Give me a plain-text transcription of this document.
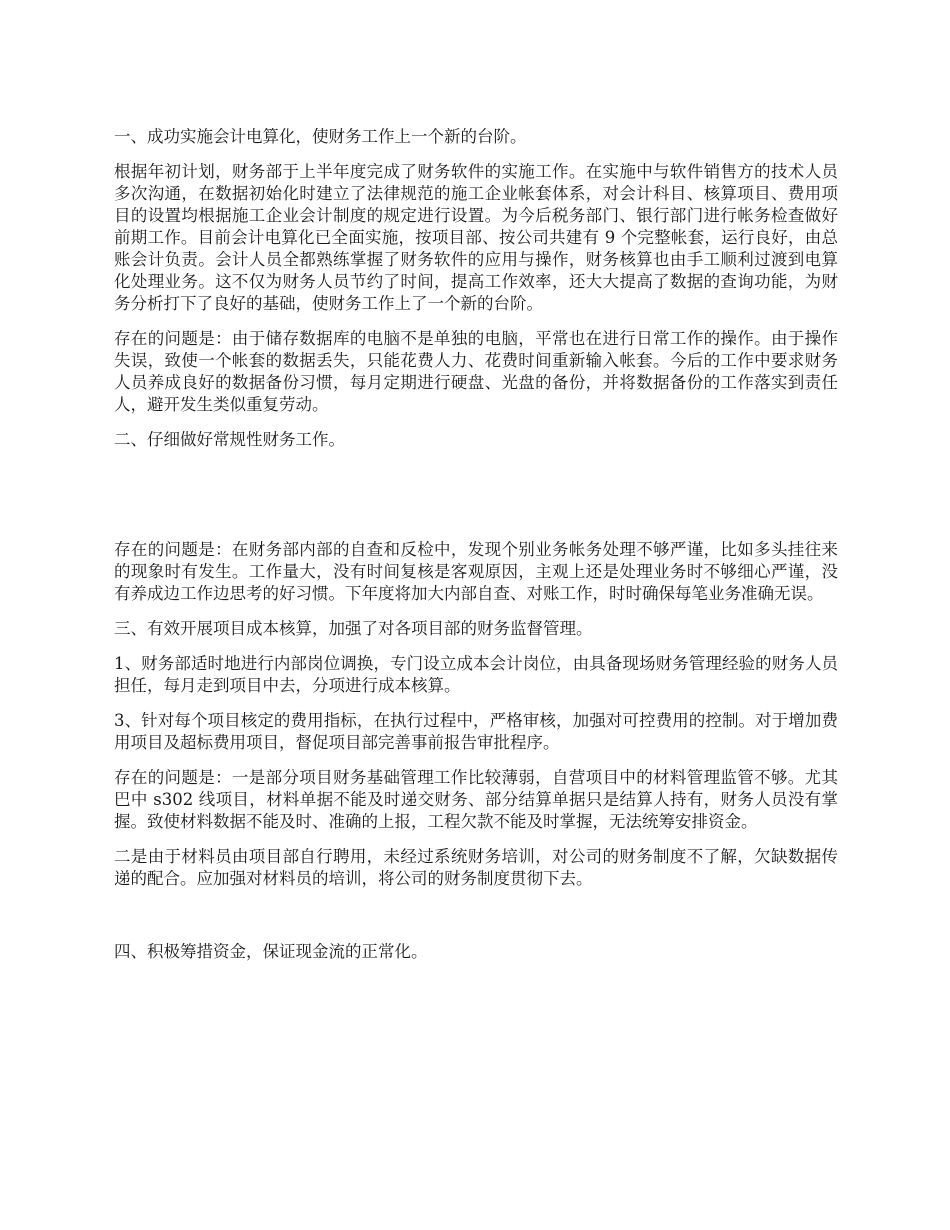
一、成功实施会计电算化，使财务工作上一个新的台阶。

根据年初计划，财务部于上半年度完成了财务软件的实施工作。在实施中与软件销售方的技术人员多次沟通，在数据初始化时建立了法律规范的施工企业帐套体系，对会计科目、核算项目、费用项目的设置均根据施工企业会计制度的规定进行设置。为今后税务部门、银行部门进行帐务检查做好前期工作。目前会计电算化已全面实施，按项目部、按公司共建有 9 个完整帐套，运行良好，由总账会计负责。会计人员全都熟练掌握了财务软件的应用与操作，财务核算也由手工顺利过渡到电算化处理业务。这不仅为财务人员节约了时间，提高工作效率，还大大提高了数据的查询功能，为财务分析打下了良好的基础，使财务工作上了一个新的台阶。

存在的问题是：由于储存数据库的电脑不是单独的电脑，平常也在进行日常工作的操作。由于操作失误，致使一个帐套的数据丢失，只能花费人力、花费时间重新输入帐套。今后的工作中要求财务人员养成良好的数据备份习惯，每月定期进行硬盘、光盘的备份，并将数据备份的工作落实到责任人，避开发生类似重复劳动。

二、仔细做好常规性财务工作。

存在的问题是：在财务部内部的自查和反检中，发现个别业务帐务处理不够严谨，比如多头挂往来的现象时有发生。工作量大，没有时间复核是客观原因，主观上还是处理业务时不够细心严谨，没有养成边工作边思考的好习惯。下年度将加大内部自查、对账工作，时时确保每笔业务准确无误。

三、有效开展项目成本核算，加强了对各项目部的财务监督管理。

1、财务部适时地进行内部岗位调换，专门设立成本会计岗位，由具备现场财务管理经验的财务人员担任，每月走到项目中去，分项进行成本核算。

3、针对每个项目核定的费用指标，在执行过程中，严格审核，加强对可控费用的控制。对于增加费用项目及超标费用项目，督促项目部完善事前报告审批程序。

存在的问题是：一是部分项目财务基础管理工作比较薄弱，自营项目中的材料管理监管不够。尤其巴中 s302 线项目，材料单据不能及时递交财务、部分结算单据只是结算人持有，财务人员没有掌握。致使材料数据不能及时、准确的上报，工程欠款不能及时掌握，无法统筹安排资金。

二是由于材料员由项目部自行聘用，未经过系统财务培训，对公司的财务制度不了解，欠缺数据传递的配合。应加强对材料员的培训，将公司的财务制度贯彻下去。

四、积极筹措资金，保证现金流的正常化。
